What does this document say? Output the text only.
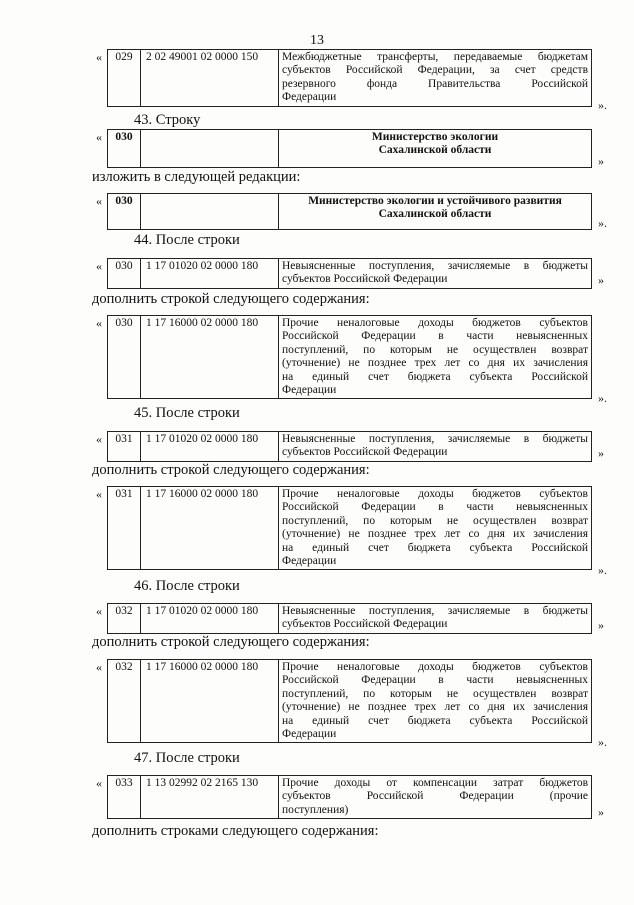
13
« 029	2 02 49001 02 0000 150	Межбюджетные трансферты, передаваемые бюджетам
субъектов Российской Федерации, за счет средств
резервного фонда Правительства Российской
Федерации
».
43. Строку
« 030		Министерство экологии
Сахалинской области
»
изложить в следующей редакции:
« 030		Министерство экологии и устойчивого развития
Сахалинской области
».
44. После строки
« 030	1 17 01020 02 0000 180	Невыясненные поступления, зачисляемые в бюджеты
субъектов Российской Федерации	»
дополнить строкой следующего содержания:
« 030	1 17 16000 02 0000 180	Прочие неналоговые доходы бюджетов субъектов
Российской Федерации в части невыясненных
поступлений, по которым не осуществлен возврат
(уточнение) не позднее трех лет со дня их зачисления
на единый счет бюджета субъекта Российской
Федерации
».
45. После строки
« 031	1 17 01020 02 0000 180	Невыясненные поступления, зачисляемые в бюджеты
субъектов Российской Федерации	»
дополнить строкой следующего содержания:
« 031	1 17 16000 02 0000 180	Прочие неналоговые доходы бюджетов субъектов
Российской Федерации в части невыясненных
поступлений, по которым не осуществлен возврат
(уточнение) не позднее трех лет со дня их зачисления
на единый счет бюджета субъекта Российской
Федерации
».
46. После строки
« 032	1 17 01020 02 0000 180	Невыясненные поступления, зачисляемые в бюджеты
субъектов Российской Федерации	»
дополнить строкой следующего содержания:
« 032	1 17 16000 02 0000 180	Прочие неналоговые доходы бюджетов субъектов
Российской Федерации в части невыясненных
поступлений, по которым не осуществлен возврат
(уточнение) не позднее трех лет со дня их зачисления
на единый счет бюджета субъекта Российской
Федерации
».
47. После строки
« 033	1 13 02992 02 2165 130	Прочие доходы от компенсации затрат бюджетов
субъектов Российской Федерации (прочие
поступления)	»
дополнить строками следующего содержания:
